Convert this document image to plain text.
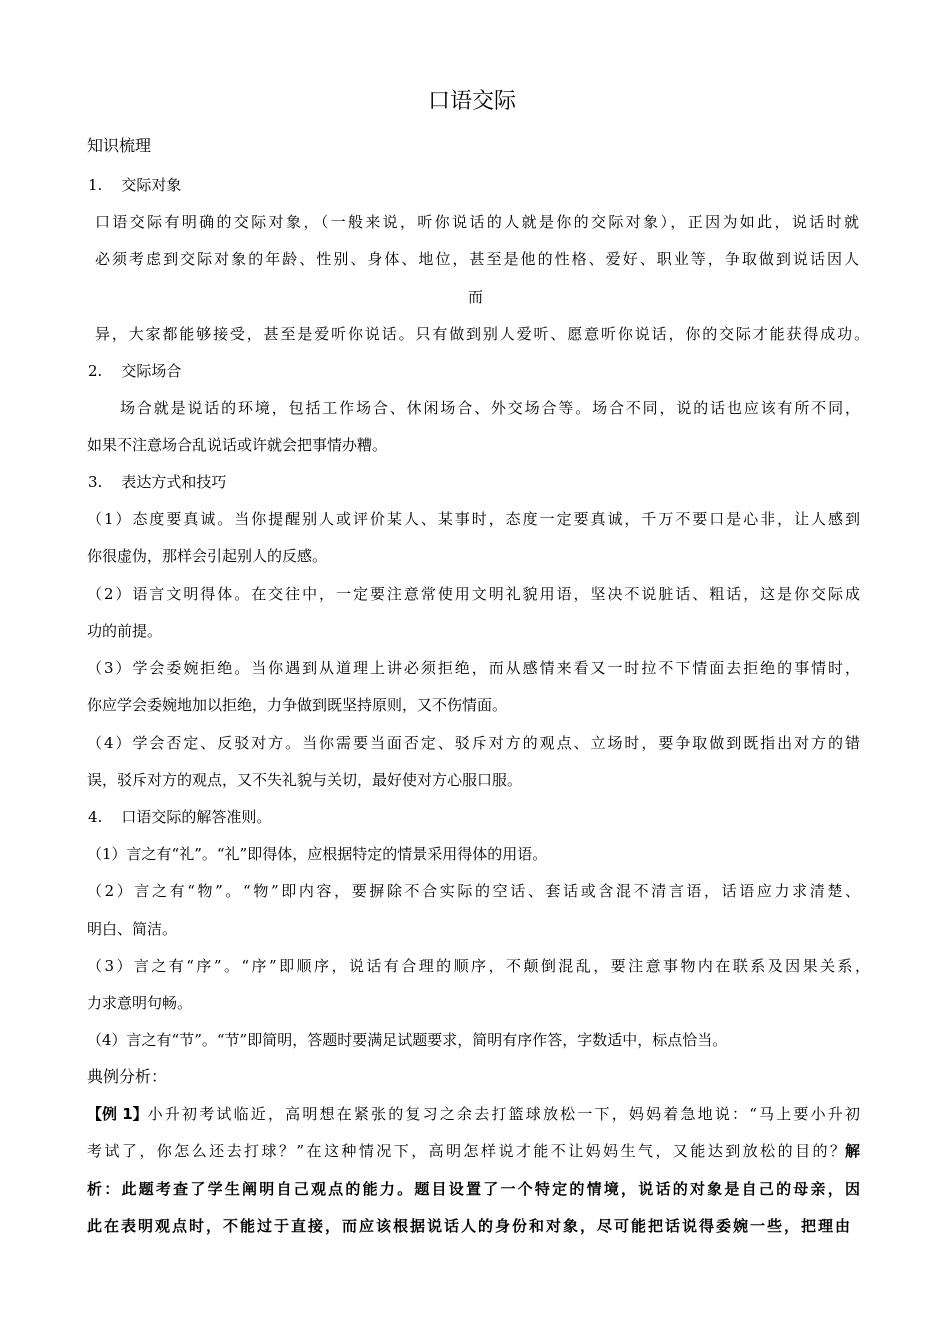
口语交际
知识梳理
1.    交际对象
口语交际有明确的交际对象，（一般来说，听你说话的人就是你的交际对象），正因为如此，说话时就
必须考虑到交际对象的年龄、性别、身体、地位，甚至是他的性格、爱好、职业等，争取做到说话因人
而
异，大家都能够接受，甚至是爱听你说话。只有做到别人爱听、愿意听你说话，你的交际才能获得成功。
2.    交际场合
场合就是说话的环境，包括工作场合、休闲场合、外交场合等。场合不同，说的话也应该有所不同，
如果不注意场合乱说话或许就会把事情办糟。
3.    表达方式和技巧
（1）态度要真诚。当你提醒别人或评价某人、某事时，态度一定要真诚，千万不要口是心非，让人感到
你很虚伪，那样会引起别人的反感。
（2）语言文明得体。在交往中，一定要注意常使用文明礼貌用语，坚决不说脏话、粗话，这是你交际成
功的前提。
（3）学会委婉拒绝。当你遇到从道理上讲必须拒绝，而从感情来看又一时拉不下情面去拒绝的事情时，
你应学会委婉地加以拒绝，力争做到既坚持原则，又不伤情面。
（4）学会否定、反驳对方。当你需要当面否定、驳斥对方的观点、立场时，要争取做到既指出对方的错
误，驳斥对方的观点，又不失礼貌与关切，最好使对方心服口服。
4.    口语交际的解答准则。
（1）言之有“礼”。“礼”即得体，应根据特定的情景采用得体的用语。
（2）言之有“物”。“物”即内容，要摒除不合实际的空话、套话或含混不清言语，话语应力求清楚、
明白、简洁。
（3）言之有“序”。“序”即顺序，说话有合理的顺序，不颠倒混乱，要注意事物内在联系及因果关系，
力求意明句畅。
（4）言之有“节”。“节”即简明，答题时要满足试题要求，简明有序作答，字数适中，标点恰当。
典例分析：
【例 1】 小升初考试临近，高明想在紧张的复习之余去打篮球放松一下，妈妈着急地说：“马上要小升初
考试了，你怎么还去打球？”在这种情况下，高明怎样说才能不让妈妈生气，又能达到放松的目的？ 解
析：此题考查了学生阐明自己观点的能力。题目设置了一个特定的情境，说话的对象是自己的母亲，因
此在表明观点时，不能过于直接，而应该根据说话人的身份和对象，尽可能把话说得委婉一些，把理由
